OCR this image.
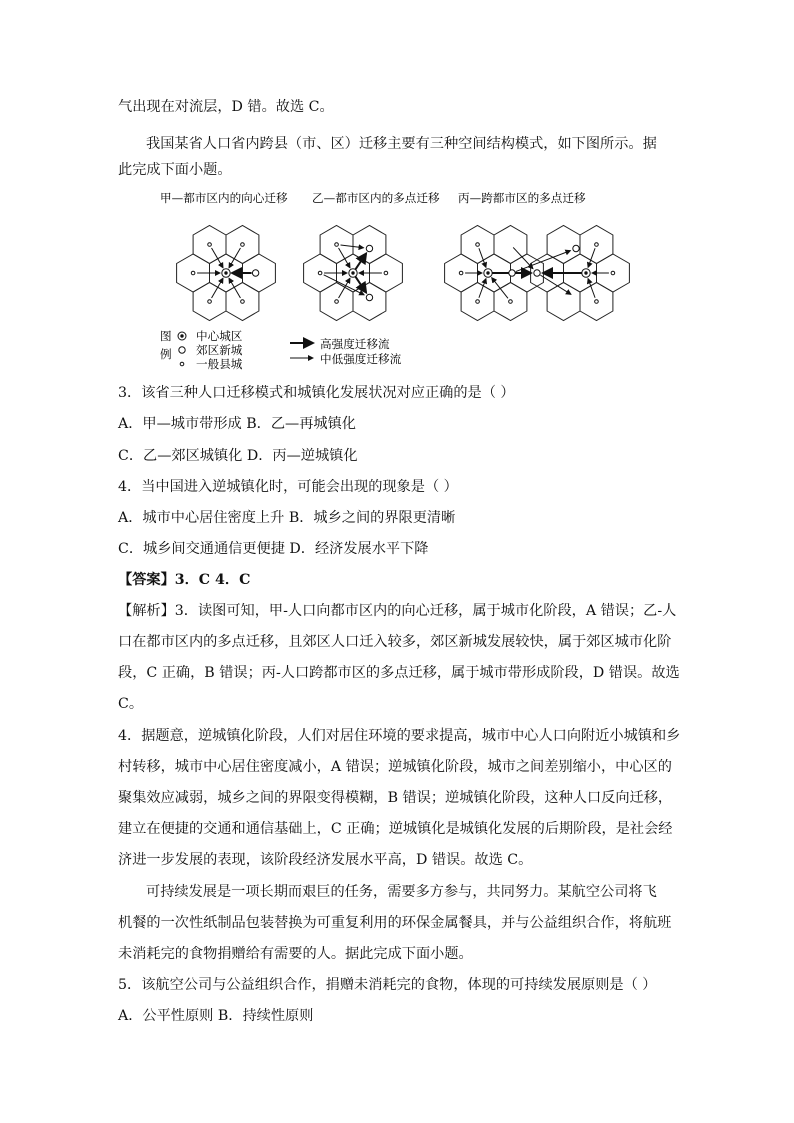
气出现在对流层，D 错。故选 C。
我国某省人口省内跨县（市、区）迁移主要有三种空间结构模式，如下图所示。据
此完成下面小题。
甲—都市区内的向心迁移 乙—都市区内的多点迁移 丙—跨都市区的多点迁移
图
例
中心城区
郊区新城
一般县城
高强度迁移流
中低强度迁移流
3．该省三种人口迁移模式和城镇化发展状况对应正确的是（ ）
A．甲—城市带形成 B．乙—再城镇化
C．乙—郊区城镇化 D．丙—逆城镇化
4．当中国进入逆城镇化时，可能会出现的现象是（ ）
A．城市中心居住密度上升 B．城乡之间的界限更清晰
C．城乡间交通通信更便捷 D．经济发展水平下降
【答案】3．C 4．C
【解析】3．读图可知，甲-人口向都市区内的向心迁移，属于城市化阶段，A 错误；乙-人
口在都市区内的多点迁移，且郊区人口迁入较多，郊区新城发展较快，属于郊区城市化阶
段，C 正确，B 错误；丙-人口跨都市区的多点迁移，属于城市带形成阶段，D 错误。故选
C。
4．据题意，逆城镇化阶段，人们对居住环境的要求提高，城市中心人口向附近小城镇和乡
村转移，城市中心居住密度减小，A 错误；逆城镇化阶段，城市之间差别缩小，中心区的
聚集效应减弱，城乡之间的界限变得模糊，B 错误；逆城镇化阶段，这种人口反向迁移，
建立在便捷的交通和通信基础上，C 正确；逆城镇化是城镇化发展的后期阶段，是社会经
济进一步发展的表现，该阶段经济发展水平高，D 错误。故选 C。
可持续发展是一项长期而艰巨的任务，需要多方参与，共同努力。某航空公司将飞
机餐的一次性纸制品包装替换为可重复利用的环保金属餐具，并与公益组织合作，将航班
未消耗完的食物捐赠给有需要的人。据此完成下面小题。
5．该航空公司与公益组织合作，捐赠未消耗完的食物，体现的可持续发展原则是（ ）
A．公平性原则 B．持续性原则
